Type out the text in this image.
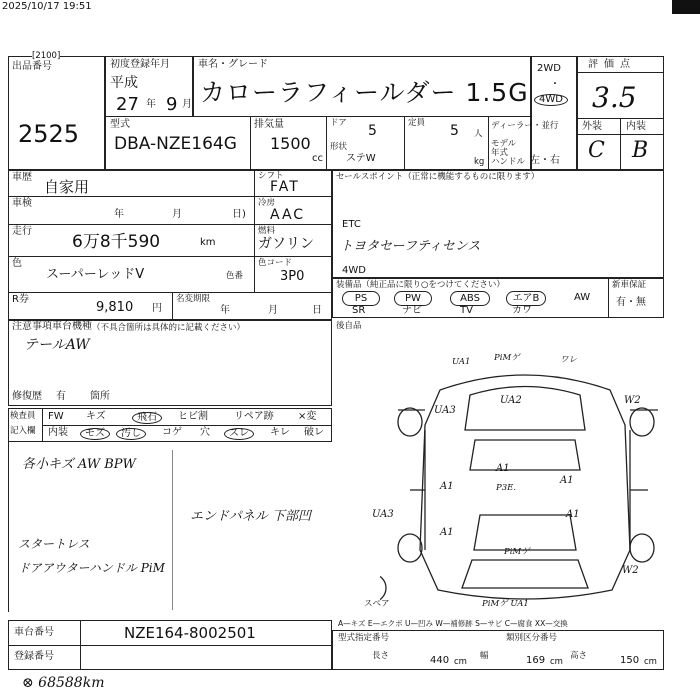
2025/10/17 19:51
[2100]
出品番号
2525
初度登録年月
平成
27 年 9 月
車名・グレード
カローラフィールダー 1.5G
2WD
・
4WD
評価点
3.5
型式
DBA-NZE164G
排気量
1500
cc
ドア 5
形状
ステW
定員 5 人
kg
ディーラー・並行
モデル年式
ハンドル 左・右
外装 内装
C B
車歴
自家用
車検
年	月	日)
走行
6万8千590	km
色
スーパーレッドV	色番
R券
9,810 円
名変期限
年	月	日
シフト
FAT
冷房
AAC
燃料
ガソリン
色コード
3P0
セールスポイント（正常に機能するものに限ります）
ETC
トヨタセーフティセンス
4WD
装備品（純正品に限り○をつけてください）
PS	PW	ABS	エアB	AW
SR	ナビ	TV	カワ
新車保証
有・無
後自品
注意事項車台機種 （不具合箇所は具体的に記載ください）
テールAW
修復歴 有 箇所
検査員
記入欄
FW キズ	飛石	ヒビ割	リペア跡 ×変
内装	モズ	汚し	コゲ 穴	スレ	キレ 破レ
各小キズ AW BPW
エンドパネル 下部凹
スタートレス
ドアアウターハンドル PiM
UA1	PiMゲ	ワレ
UA2
UA3
W2
A1
P3E.
A1
A1
UA3
A1
A1
PiMゲ
W2
PiMゲ UA1
スペア
車台番号	NZE164-8002501
登録番号
A—キズ E—エクボ U—凹み W—補修跡 S—サビ C—腐食 XX—交換
型式指定番号	類別区分番号
長さ	440 cm
幅	169 cm
高さ	150 cm
⊗ 68588km
